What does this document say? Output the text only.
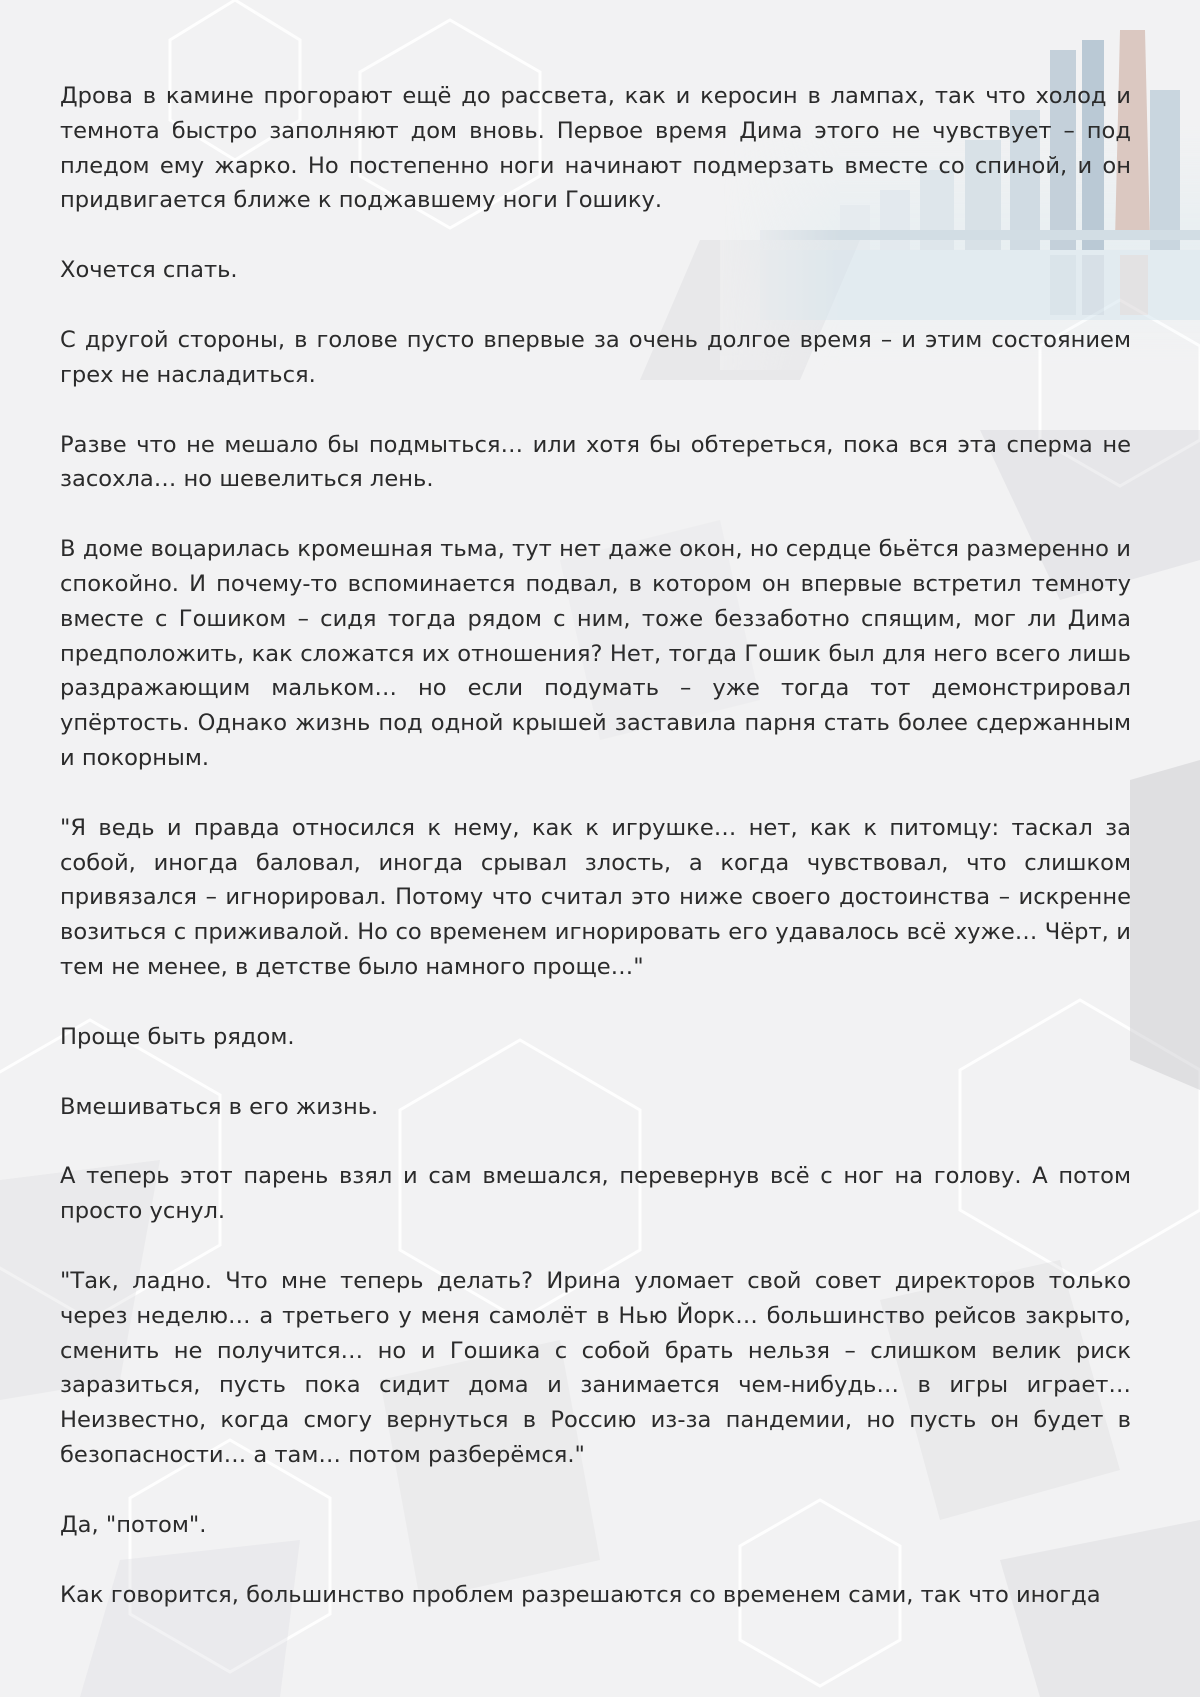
Дрова в камине прогорают ещё до рассвета, как и керосин в лампах, так что холод и темнота быстро заполняют дом вновь. Первое время Дима этого не чувствует – под пледом ему жарко. Но постепенно ноги начинают подмерзать вместе со спиной, и он придвигается ближе к поджавшему ноги Гошику.

Хочется спать.

С другой стороны, в голове пусто впервые за очень долгое время – и этим состоянием грех не насладиться.

Разве что не мешало бы подмыться… или хотя бы обтереться, пока вся эта сперма не засохла… но шевелиться лень.

В доме воцарилась кромешная тьма, тут нет даже окон, но сердце бьётся размеренно и спокойно. И почему-то вспоминается подвал, в котором он впервые встретил темноту вместе с Гошиком – сидя тогда рядом с ним, тоже беззаботно спящим, мог ли Дима предположить, как сложатся их отношения? Нет, тогда Гошик был для него всего лишь раздражающим мальком… но если подумать – уже тогда тот демонстрировал упёртость. Однако жизнь под одной крышей заставила парня стать более сдержанным и покорным.

"Я ведь и правда относился к нему, как к игрушке… нет, как к питомцу: таскал за собой, иногда баловал, иногда срывал злость, а когда чувствовал, что слишком привязался – игнорировал. Потому что считал это ниже своего достоинства – искренне возиться с приживалой. Но со временем игнорировать его удавалось всё хуже… Чёрт, и тем не менее, в детстве было намного проще…"

Проще быть рядом.

Вмешиваться в его жизнь.

А теперь этот парень взял и сам вмешался, перевернув всё с ног на голову. А потом просто уснул.

"Так, ладно. Что мне теперь делать? Ирина уломает свой совет директоров только через неделю… а третьего у меня самолёт в Нью Йорк… большинство рейсов закрыто, сменить не получится… но и Гошика с собой брать нельзя – слишком велик риск заразиться, пусть пока сидит дома и занимается чем-нибудь… в игры играет… Неизвестно, когда смогу вернуться в Россию из-за пандемии, но пусть он будет в безопасности… а там… потом разберёмся."

Да, "потом".

Как говорится, большинство проблем разрешаются со временем сами, так что иногда
